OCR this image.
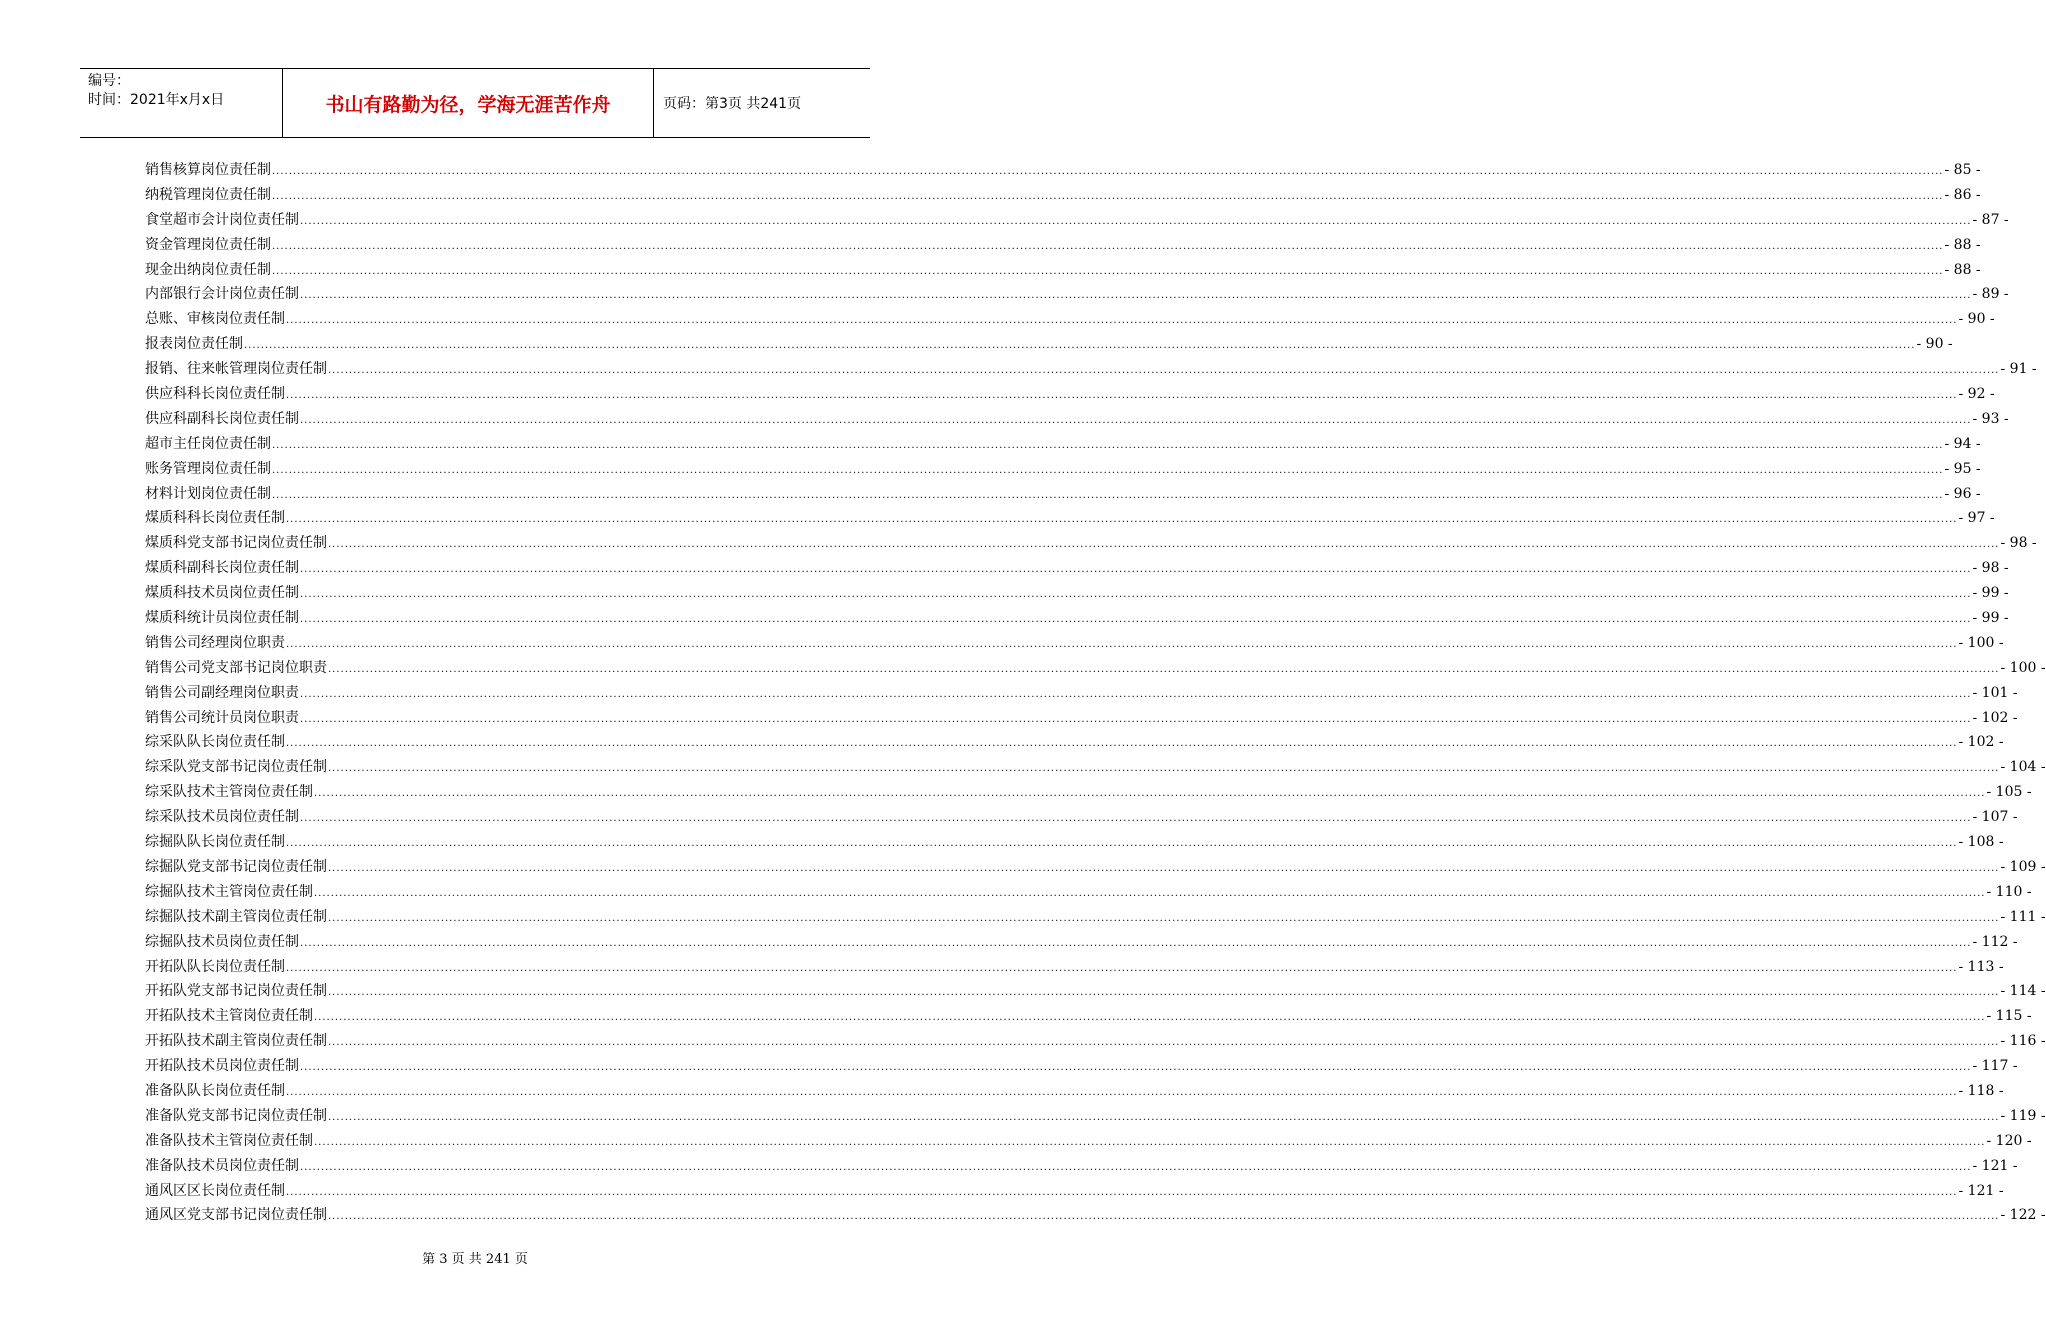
编号：
时间：2021年x月x日	书山有路勤为径，学海无涯苦作舟	页码：第3页 共241页
销售核算岗位责任制 ................................................................................................................................................................................................................................................................................................................................................................................................................ - 85 -
纳税管理岗位责任制 ................................................................................................................................................................................................................................................................................................................................................................................................................ - 86 -
食堂超市会计岗位责任制 ................................................................................................................................................................................................................................................................................................................................................................................................................ - 87 -
资金管理岗位责任制 ................................................................................................................................................................................................................................................................................................................................................................................................................ - 88 -
现金出纳岗位责任制 ................................................................................................................................................................................................................................................................................................................................................................................................................ - 88 -
内部银行会计岗位责任制 ................................................................................................................................................................................................................................................................................................................................................................................................................ - 89 -
总账、审核岗位责任制 ................................................................................................................................................................................................................................................................................................................................................................................................................ - 90 -
报表岗位责任制 ................................................................................................................................................................................................................................................................................................................................................................................................................ - 90 -
报销、往来帐管理岗位责任制 ................................................................................................................................................................................................................................................................................................................................................................................................................ - 91 -
供应科科长岗位责任制 ................................................................................................................................................................................................................................................................................................................................................................................................................ - 92 -
供应科副科长岗位责任制 ................................................................................................................................................................................................................................................................................................................................................................................................................ - 93 -
超市主任岗位责任制 ................................................................................................................................................................................................................................................................................................................................................................................................................ - 94 -
账务管理岗位责任制 ................................................................................................................................................................................................................................................................................................................................................................................................................ - 95 -
材料计划岗位责任制 ................................................................................................................................................................................................................................................................................................................................................................................................................ - 96 -
煤质科科长岗位责任制 ................................................................................................................................................................................................................................................................................................................................................................................................................ - 97 -
煤质科党支部书记岗位责任制 ................................................................................................................................................................................................................................................................................................................................................................................................................ - 98 -
煤质科副科长岗位责任制 ................................................................................................................................................................................................................................................................................................................................................................................................................ - 98 -
煤质科技术员岗位责任制 ................................................................................................................................................................................................................................................................................................................................................................................................................ - 99 -
煤质科统计员岗位责任制 ................................................................................................................................................................................................................................................................................................................................................................................................................ - 99 -
销售公司经理岗位职责 ................................................................................................................................................................................................................................................................................................................................................................................................................ - 100 -
销售公司党支部书记岗位职责 ................................................................................................................................................................................................................................................................................................................................................................................................................ - 100 -
销售公司副经理岗位职责 ................................................................................................................................................................................................................................................................................................................................................................................................................ - 101 -
销售公司统计员岗位职责 ................................................................................................................................................................................................................................................................................................................................................................................................................ - 102 -
综采队队长岗位责任制 ................................................................................................................................................................................................................................................................................................................................................................................................................ - 102 -
综采队党支部书记岗位责任制 ................................................................................................................................................................................................................................................................................................................................................................................................................ - 104 -
综采队技术主管岗位责任制 ................................................................................................................................................................................................................................................................................................................................................................................................................ - 105 -
综采队技术员岗位责任制 ................................................................................................................................................................................................................................................................................................................................................................................................................ - 107 -
综掘队队长岗位责任制 ................................................................................................................................................................................................................................................................................................................................................................................................................ - 108 -
综掘队党支部书记岗位责任制 ................................................................................................................................................................................................................................................................................................................................................................................................................ - 109 -
综掘队技术主管岗位责任制 ................................................................................................................................................................................................................................................................................................................................................................................................................ - 110 -
综掘队技术副主管岗位责任制 ................................................................................................................................................................................................................................................................................................................................................................................................................ - 111 -
综掘队技术员岗位责任制 ................................................................................................................................................................................................................................................................................................................................................................................................................ - 112 -
开拓队队长岗位责任制 ................................................................................................................................................................................................................................................................................................................................................................................................................ - 113 -
开拓队党支部书记岗位责任制 ................................................................................................................................................................................................................................................................................................................................................................................................................ - 114 -
开拓队技术主管岗位责任制 ................................................................................................................................................................................................................................................................................................................................................................................................................ - 115 -
开拓队技术副主管岗位责任制 ................................................................................................................................................................................................................................................................................................................................................................................................................ - 116 -
开拓队技术员岗位责任制 ................................................................................................................................................................................................................................................................................................................................................................................................................ - 117 -
准备队队长岗位责任制 ................................................................................................................................................................................................................................................................................................................................................................................................................ - 118 -
准备队党支部书记岗位责任制 ................................................................................................................................................................................................................................................................................................................................................................................................................ - 119 -
准备队技术主管岗位责任制 ................................................................................................................................................................................................................................................................................................................................................................................................................ - 120 -
准备队技术员岗位责任制 ................................................................................................................................................................................................................................................................................................................................................................................................................ - 121 -
通风区区长岗位责任制 ................................................................................................................................................................................................................................................................................................................................................................................................................ - 121 -
通风区党支部书记岗位责任制 ................................................................................................................................................................................................................................................................................................................................................................................................................ - 122 -
第 3 页 共 241 页
